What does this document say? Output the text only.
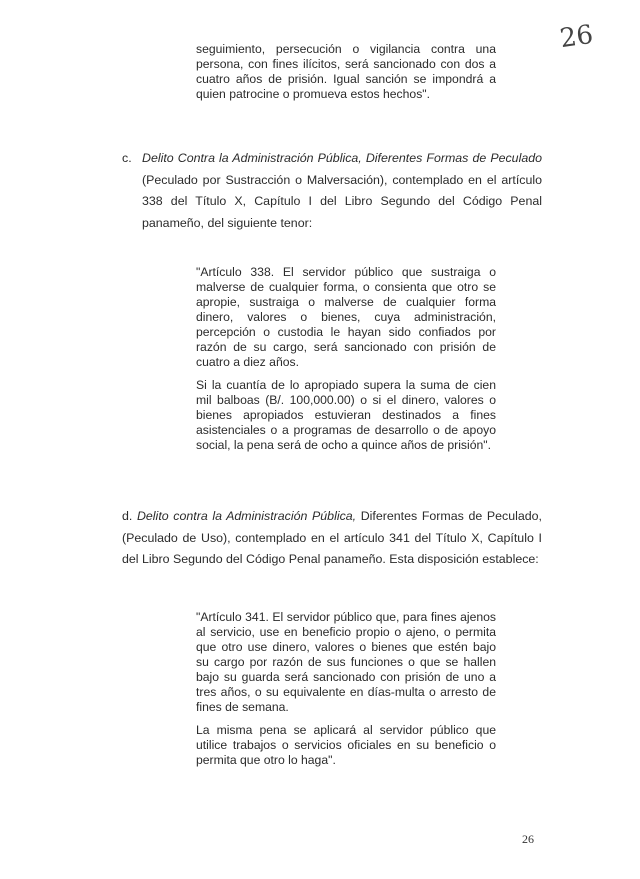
26

seguimiento, persecución o vigilancia contra una persona, con fines ilícitos, será sancionado con dos a cuatro años de prisión. Igual sanción se impondrá a quien patrocine o promueva estos hechos".

c. Delito Contra la Administración Pública, Diferentes Formas de Peculado (Peculado por Sustracción o Malversación), contemplado en el artículo 338 del Título X, Capítulo I del Libro Segundo del Código Penal panameño, del siguiente tenor:

"Artículo 338. El servidor público que sustraiga o malverse de cualquier forma, o consienta que otro se apropie, sustraiga o malverse de cualquier forma dinero, valores o bienes, cuya administración, percepción o custodia le hayan sido confiados por razón de su cargo, será sancionado con prisión de cuatro a diez años.

Si la cuantía de lo apropiado supera la suma de cien mil balboas (B/. 100,000.00) o si el dinero, valores o bienes apropiados estuvieran destinados a fines asistenciales o a programas de desarrollo o de apoyo social, la pena será de ocho a quince años de prisión".

d. Delito contra la Administración Pública, Diferentes Formas de Peculado, (Peculado de Uso), contemplado en el artículo 341 del Título X, Capítulo I del Libro Segundo del Código Penal panameño. Esta disposición establece:

"Artículo 341. El servidor público que, para fines ajenos al servicio, use en beneficio propio o ajeno, o permita que otro use dinero, valores o bienes que estén bajo su cargo por razón de sus funciones o que se hallen bajo su guarda será sancionado con prisión de uno a tres años, o su equivalente en días-multa o arresto de fines de semana.

La misma pena se aplicará al servidor público que utilice trabajos o servicios oficiales en su beneficio o permita que otro lo haga".

26
